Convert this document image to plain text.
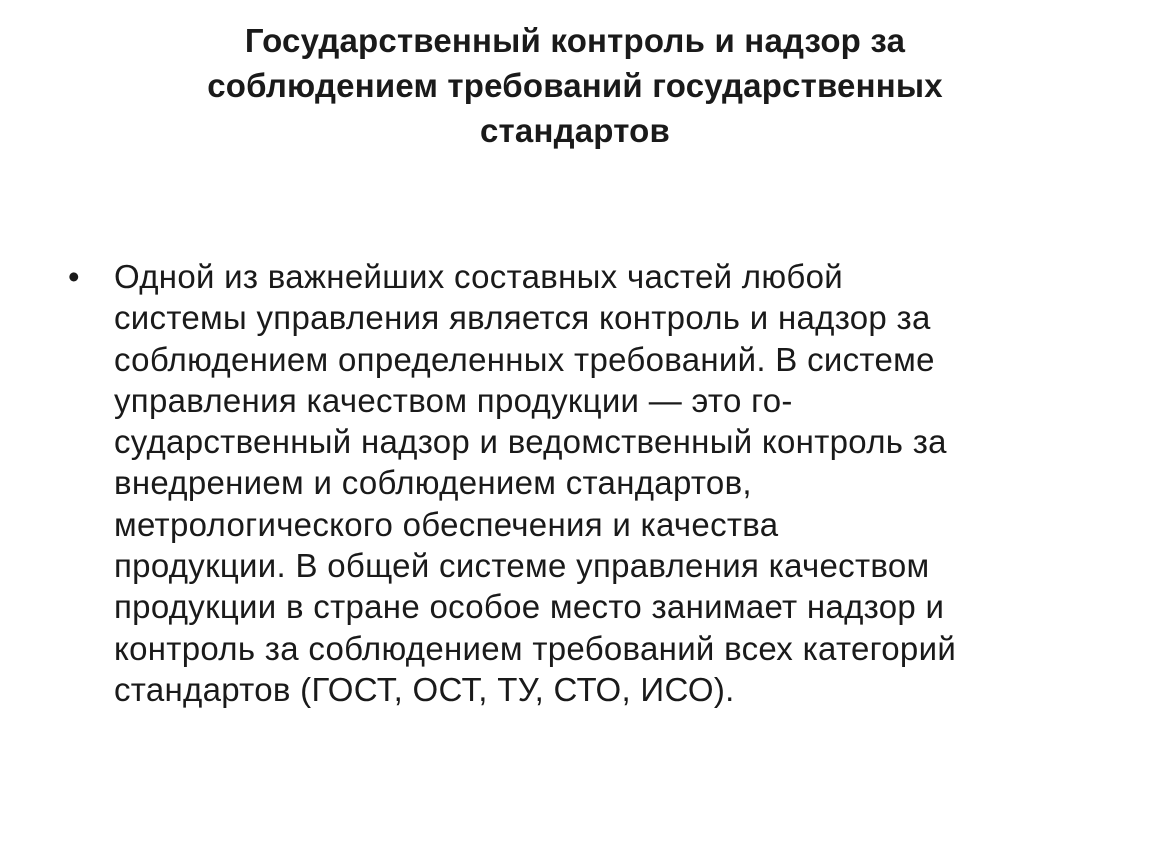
Государственный контроль и надзор за
соблюдением требований государственных
стандартов
• Одной из важнейших составных частей любой
системы управления является контроль и надзор за
соблюдением определенных требований. В системе
управления качеством продукции — это го-
сударственный надзор и ведомственный контроль за
внедрением и соблюдением стандартов,
метрологического обеспечения и качества
продукции. В общей системе управления качеством
продукции в стране особое место занимает надзор и
контроль за соблюдением требований всех категорий
стандартов (ГОСТ, ОСТ, ТУ, СТО, ИСО).
